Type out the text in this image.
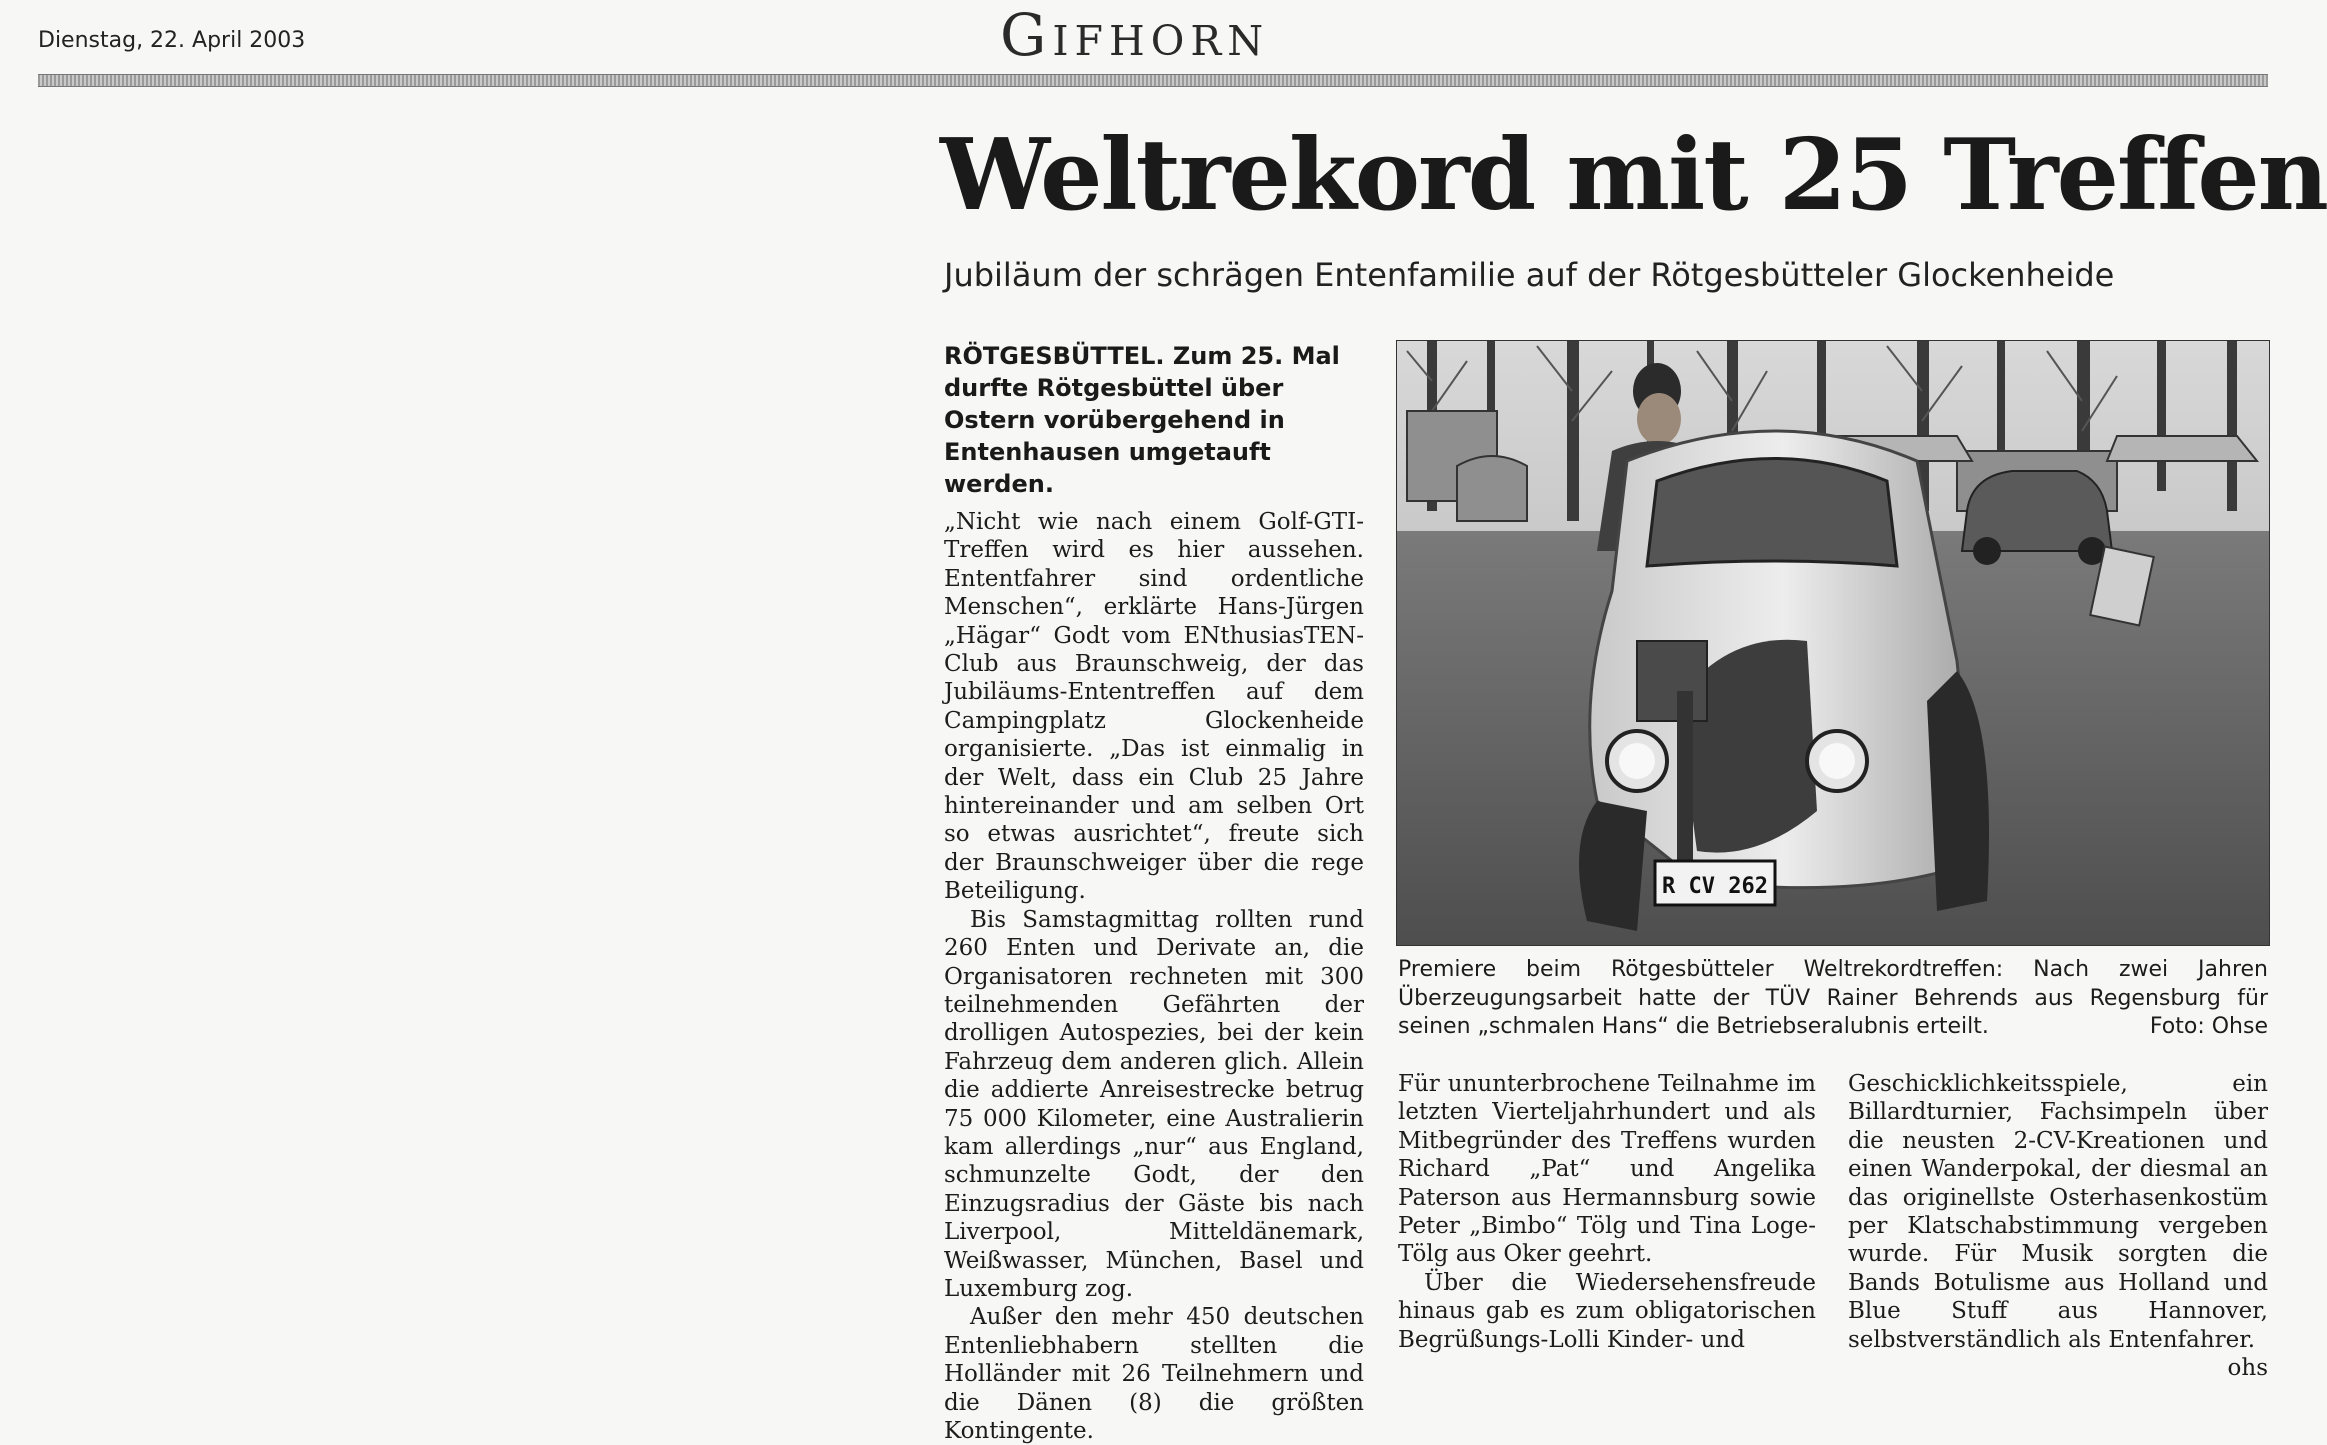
Dienstag, 22. April 2003	Gifhorn
Weltrekord mit 25 Treffen
Jubiläum der schrägen Entenfamilie auf der Rötgesbütteler Glockenheide
RÖTGESBÜTTEL. Zum 25. Mal durfte Rötgesbüttel über Ostern vorübergehend in Entenhausen umgetauft werden.

„Nicht wie nach einem Golf-GTI-Treffen wird es hier aussehen. Ententfahrer sind ordentliche Menschen“, erklärte Hans-Jürgen „Hägar“ Godt vom ENthusiasTEN-Club aus Braunschweig, der das Jubiläums-Ententreffen auf dem Campingplatz Glockenheide organisierte. „Das ist einmalig in der Welt, dass ein Club 25 Jahre hintereinander und am selben Ort so etwas ausrichtet“, freute sich der Braunschweiger über die rege Beteiligung.

Bis Samstagmittag rollten rund 260 Enten und Derivate an, die Organisatoren rechneten mit 300 teilnehmenden Gefährten der drolligen Autospezies, bei der kein Fahrzeug dem anderen glich. Allein die addierte Anreisestrecke betrug 75 000 Kilometer, eine Australierin kam allerdings „nur“ aus England, schmunzelte Godt, der den Einzugsradius der Gäste bis nach Liverpool, Mitteldänemark, Weißwasser, München, Basel und Luxemburg zog.

Außer den mehr 450 deutschen Entenliebhabern stellten die Holländer mit 26 Teilnehmern und die Dänen (8) die größten Kontingente.

R CV 262
Premiere beim Rötgesbütteler Weltrekordtreffen: Nach zwei Jahren Überzeugungsarbeit hatte der TÜV Rainer Behrends aus Regensburg für seinen „schmalen Hans“ die Betriebseralubnis erteilt.	Foto: Ohse

Für ununterbrochene Teilnahme im letzten Vierteljahrhundert und als Mitbegründer des Treffens wurden Richard „Pat“ und Angelika Paterson aus Hermannsburg sowie Peter „Bimbo“ Tölg und Tina Loge-Tölg aus Oker geehrt.

Über die Wiedersehensfreude hinaus gab es zum obligatorischen Begrüßungs-Lolli Kinder- und

Geschicklichkeitsspiele, ein Billardturnier, Fachsimpeln über die neusten 2-CV-Kreationen und einen Wanderpokal, der diesmal an das originellste Osterhasenkostüm per Klatschabstimmung vergeben wurde. Für Musik sorgten die Bands Botulisme aus Holland und Blue Stuff aus Hannover, selbstverständlich als Entenfahrer.

ohs
